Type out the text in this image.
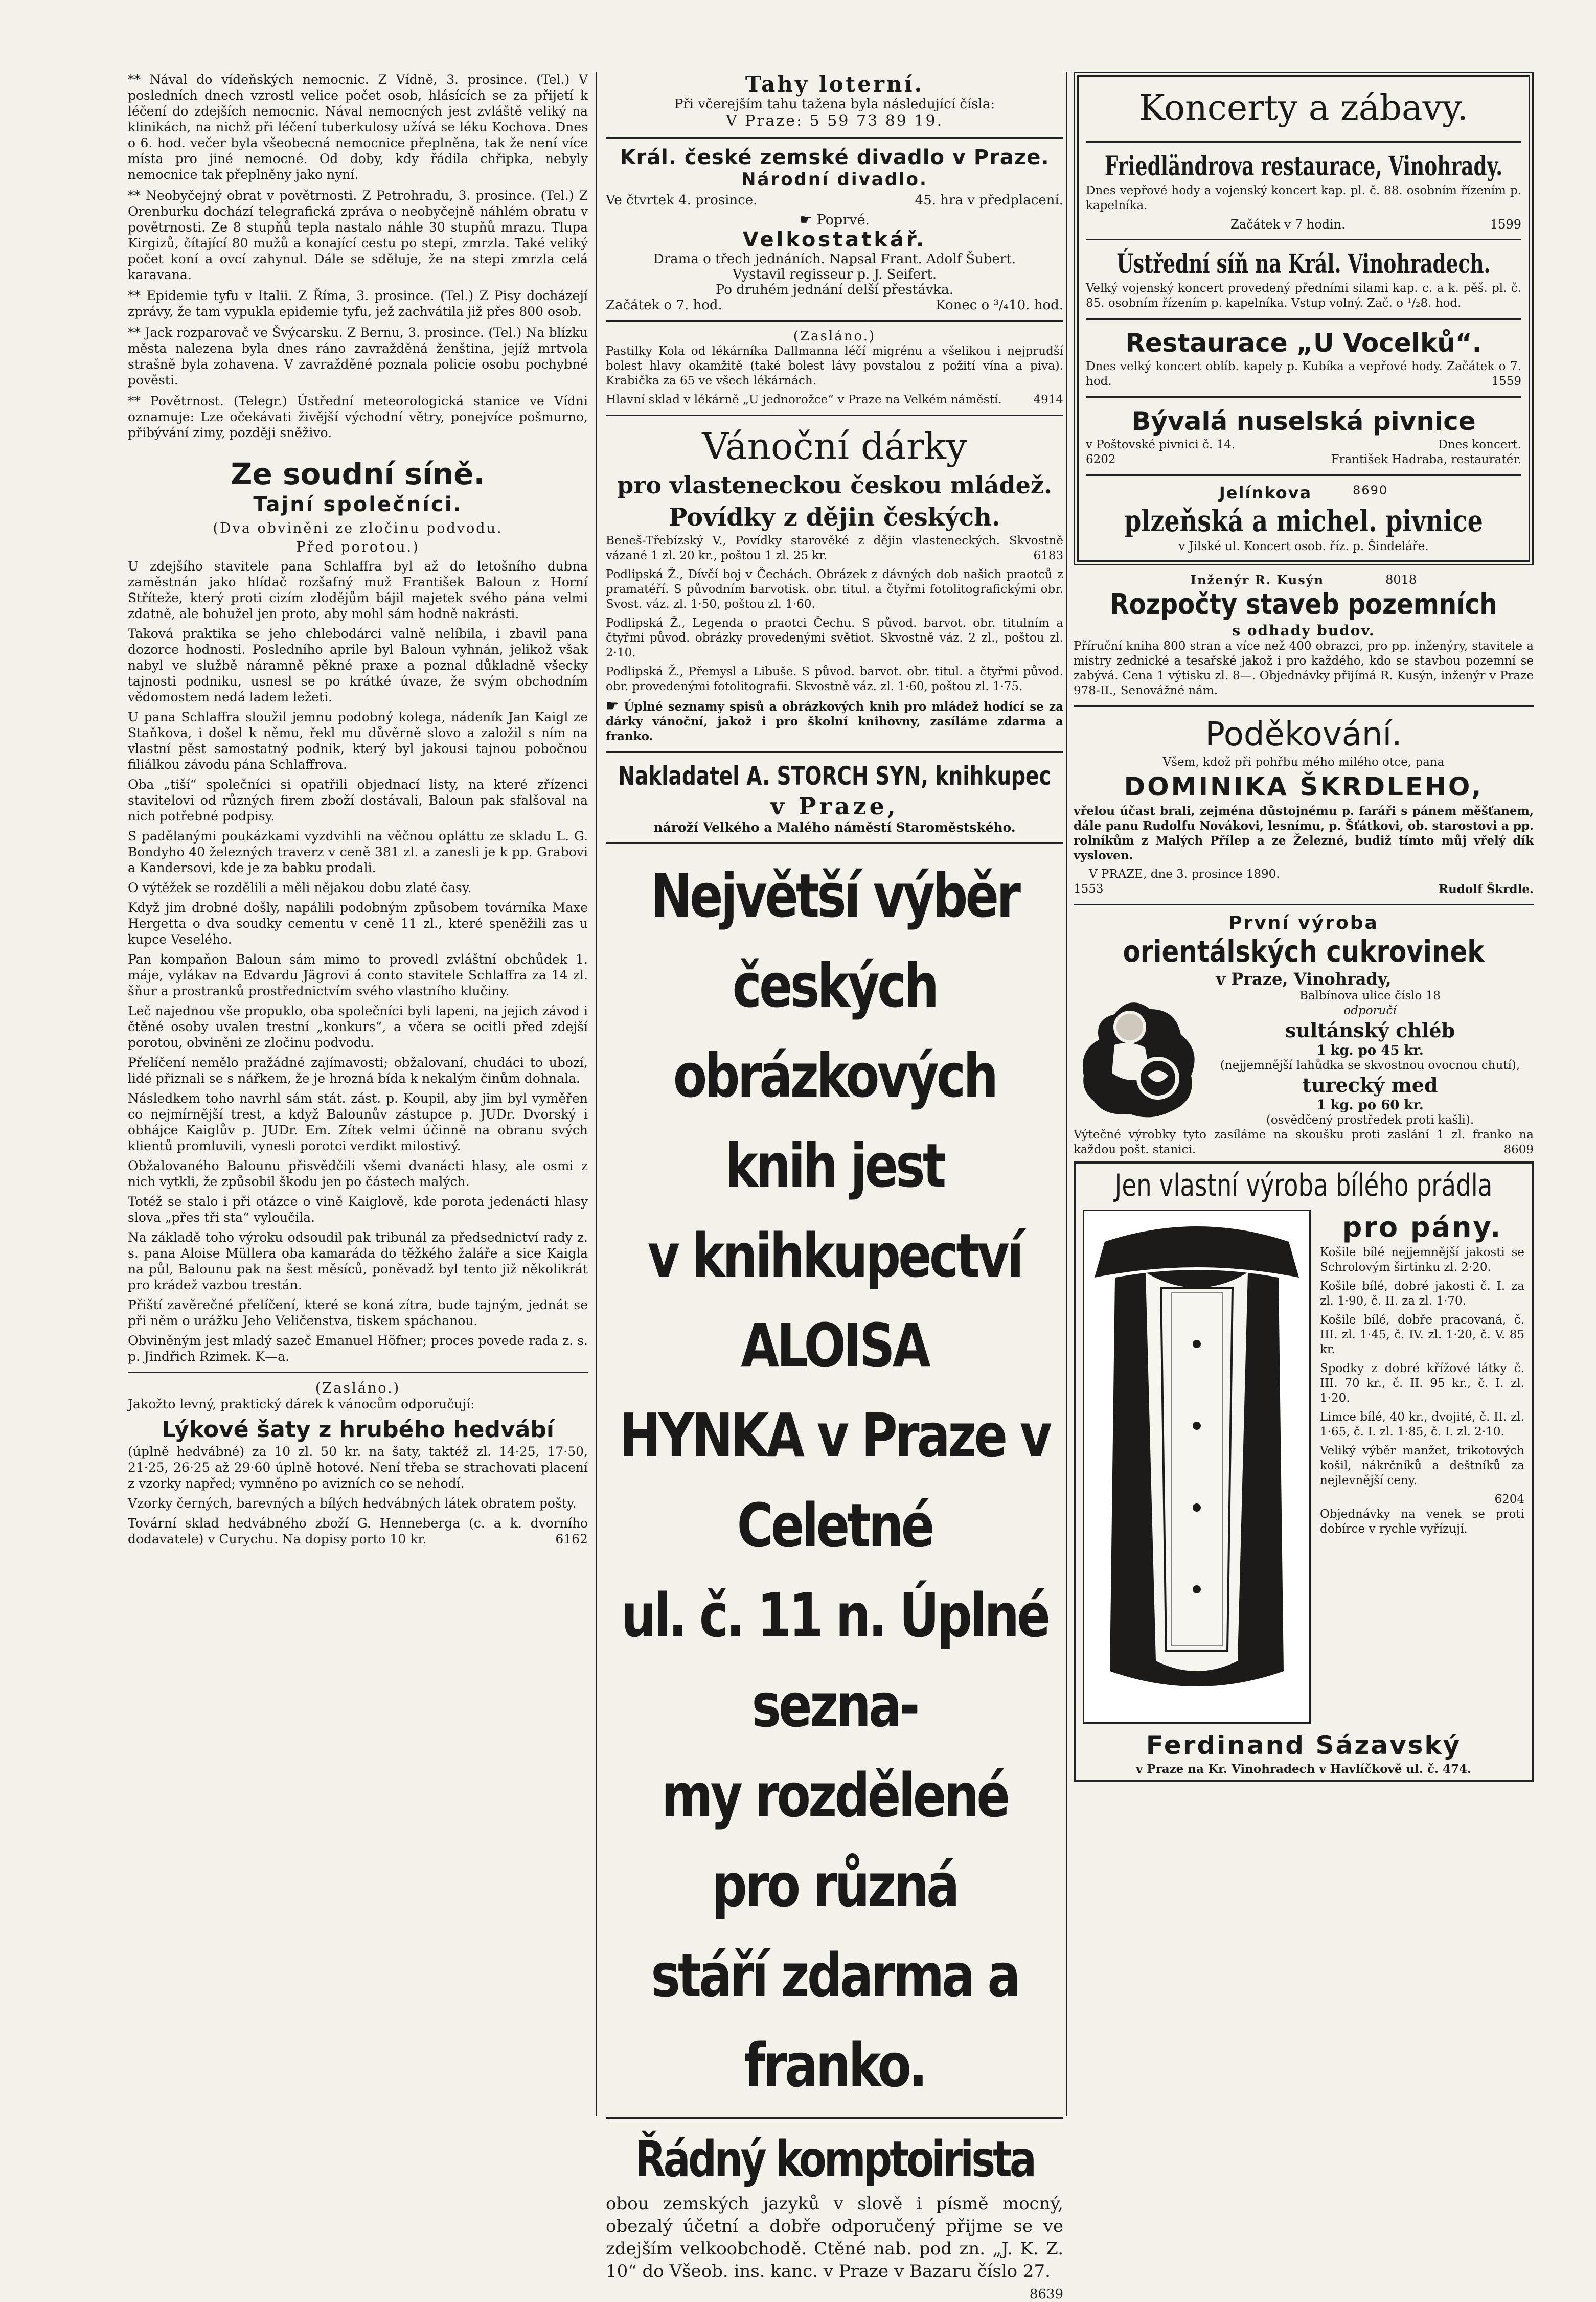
** Nával do vídeňských nemocnic. Z Vídně, 3. prosince. (Tel.) V posledních dnech vzrostl velice počet osob, hlásících se za přijetí k léčení do zdejších nemocnic. Nával nemocných jest zvláště veliký na klinikách, na nichž při léčení tuberkulosy užívá se léku Kochova. Dnes o 6. hod. večer byla všeobecná nemocnice přeplněna, tak že není více místa pro jiné nemocné. Od doby, kdy řádila chřipka, nebyly nemocnice tak přeplněny jako nyní.

** Neobyčejný obrat v povětrnosti. Z Petrohradu, 3. prosince. (Tel.) Z Orenburku dochází telegrafická zpráva o neobyčejně náhlém obratu v povětrnosti. Ze 8 stupňů tepla nastalo náhle 30 stupňů mrazu. Tlupa Kirgizů, čítající 80 mužů a konající cestu po stepi, zmrzla. Také veliký počet koní a ovcí zahynul. Dále se sděluje, že na stepi zmrzla celá karavana.

** Epidemie tyfu v Italii. Z Říma, 3. prosince. (Tel.) Z Pisy docházejí zprávy, že tam vypukla epidemie tyfu, jež zachvátila již přes 800 osob.

** Jack rozparovač ve Švýcarsku. Z Bernu, 3. prosince. (Tel.) Na blízku města nalezena byla dnes ráno zavražděná ženština, jejíž mrtvola strašně byla zohavena. V zavražděné poznala policie osobu pochybné pověsti.

** Povětrnost. (Telegr.) Ústřední meteorologická stanice ve Vídni oznamuje: Lze očekávati živější východní větry, ponejvíce pošmurno, přibývání zimy, později sněživo.

Ze soudní síně.
Tajní společníci.
(Dva obviněni ze zločinu podvodu.
Před porotou.)

U zdejšího stavitele pana Schlaffra byl až do letošního dubna zaměstnán jako hlídač rozšafný muž František Baloun z Horní Stříteže, který proti cizím zlodějům bájil majetek svého pána velmi zdatně, ale bohužel jen proto, aby mohl sám hodně nakrásti.

Taková praktika se jeho chlebodárci valně nelíbila, i zbavil pana dozorce hodnosti. Posledního aprile byl Baloun vyhnán, jelikož však nabyl ve službě náramně pěkné praxe a poznal důkladně všecky tajnosti podniku, usnesl se po krátké úvaze, že svým obchodním vědomostem nedá ladem ležeti.

U pana Schlaffra sloužil jemnu podobný kolega, nádeník Jan Kaigl ze Staňkova, i došel k němu, řekl mu důvěrně slovo a založil s ním na vlastní pěst samostatný podnik, který byl jakousi tajnou pobočnou filiálkou závodu pána Schlaffrova.

Oba „tiší“ společníci si opatřili objednací listy, na které zřízenci stavitelovi od různých firem zboží dostávali, Baloun pak sfalšoval na nich potřebné podpisy.

S padělanými poukázkami vyzdvihli na věčnou opláttu ze skladu L. G. Bondyho 40 železných traverz v ceně 381 zl. a zanesli je k pp. Grabovi a Kandersovi, kde je za babku prodali.

O výtěžek se rozdělili a měli nějakou dobu zlaté časy.

Když jim drobné došly, napálili podobným způsobem továrníka Maxe Hergetta o dva soudky cementu v ceně 11 zl., které speněžili zas u kupce Veselého.

Pan kompaňon Baloun sám mimo to provedl zvláštní obchůdek 1. máje, vylákav na Edvardu Jägrovi á conto stavitele Schlaffra za 14 zl. šňur a prostranků prostřednictvím svého vlastního klučiny.

Leč najednou vše propuklo, oba společníci byli lapeni, na jejich závod i čtěné osoby uvalen trestní „konkurs“, a včera se ocitli před zdejší porotou, obviněni ze zločinu podvodu.

Přelíčení nemělo pražádné zajímavosti; obžalovaní, chudáci to ubozí, lidé přiznali se s nářkem, že je hrozná bída k nekalým činům dohnala.

Následkem toho navrhl sám stát. zást. p. Koupil, aby jim byl vyměřen co nejmírnější trest, a když Balounův zástupce p. JUDr. Dvorský i obhájce Kaiglův p. JUDr. Em. Zítek velmi účinně na obranu svých klientů promluvili, vynesli porotci verdikt milostivý.

Obžalovaného Balounu přisvědčili všemi dvanácti hlasy, ale osmi z nich vytkli, že způsobil škodu jen po částech malých.

Totéž se stalo i při otázce o vině Kaiglově, kde porota jedenácti hlasy slova „přes tři sta“ vyloučila.

Na základě toho výroku odsoudil pak tribunál za předsednictví rady z. s. pana Aloise Müllera oba kamaráda do těžkého žaláře a sice Kaigla na půl, Balounu pak na šest měsíců, poněvadž byl tento již několikrát pro krádež vazbou trestán.

Přiští zavěrečné přelíčení, které se koná zítra, bude tajným, jednát se při něm o urážku Jeho Veličenstva, tiskem spáchanou.

Obviněným jest mladý sazeč Emanuel Höfner; proces povede rada z. s. p. Jindřich Rzimek. K—a.

(Zasláno.)

Jakožto levný, praktický dárek k vánocům odporučují:

Lýkové šaty z hrubého hedvábí

(úplně hedvábné) za 10 zl. 50 kr. na šaty, taktéž zl. 14·25, 17·50, 21·25, 26·25 až 29·60 úplně hotové. Není třeba se strachovati placení z vzorky napřed; vymněno po avizních co se nehodí.

Vzorky černých, barevných a bílých hedvábných látek obratem pošty.

Tovární sklad hedvábného zboží G. Henneberga (c. a k. dvorního dodavatele) v Curychu. Na dopisy porto 10 kr.	6162

Tahy loterní.
Při včerejším tahu tažena byla následující čísla:
V Praze: 5 59 73 89 19.
Král. české zemské divadlo v Praze.
Národní divadlo.
Ve čtvrtek 4. prosince.	45. hra v předplacení.
☛ Poprvé.
Velkostatkář.
Drama o třech jednáních. Napsal Frant. Adolf Šubert.
Vystavil regisseur p. J. Seifert.
Po druhém jednání delší přestávka.
Začátek o 7. hod.	Konec o ³/₄10. hod.
(Zasláno.)

Pastilky Kola od lékárníka Dallmanna léčí migrénu a všelikou i nejprudší bolest hlavy okamžitě (také bolest lávy povstalou z požití vína a piva). Krabička za 65 ve všech lékárnách.

Hlavní sklad v lékárně „U jednorožce“ v Praze na Velkém náměstí.	4914

Vánoční dárky
pro vlasteneckou českou mládež.
Povídky z dějin českých.

Beneš-Třebízský V., Povídky starověké z dějin vlasteneckých. Skvostně vázané 1 zl. 20 kr., poštou 1 zl. 25 kr.	6183

Podlipská Ž., Dívčí boj v Čechách. Obrázek z dávných dob našich praotců z pramatéří. S původním barvotisk. obr. titul. a čtyřmi fotolitografickými obr. Svost. váz. zl. 1·50, poštou zl. 1·60.

Podlipská Ž., Legenda o praotci Čechu. S původ. barvot. obr. titulním a čtyřmi původ. obrázky provedenými světiot. Skvostně váz. 2 zl., poštou zl. 2·10.

Podlipská Ž., Přemysl a Libuše. S původ. barvot. obr. titul. a čtyřmi původ. obr. provedenými fotolitografii. Skvostně váz. zl. 1·60, poštou zl. 1·75.

☛ Úplné seznamy spisů a obrázkových knih pro mládež hodící se za dárky vánoční, jakož i pro školní knihovny, zasíláme zdarma a franko.

Nakladatel A. STORCH SYN, knihkupec
v Praze,
nároží Velkého a Malého náměstí Staroměstského.
Největší výběr českých
obrázkových knih jest
v knihkupectví ALOISA
HYNKA v Praze v Celetné
ul. č. 11 n. Úplné sezna-
my rozdělené pro různá
stáří zdarma a franko.
Řádný komptoirista

obou zemských jazyků v slově i písmě mocný, obezalý účetní a dobře odporučený přijme se ve zdejším velkoobchodě. Ctěné nab. pod zn. „J. K. Z. 10“ do Všeob. ins. kanc. v Praze v Bazaru číslo 27.

8639
Koncerty a zábavy.
Friedländrova restaurace, Vinohrady.

Dnes vepřové hody a vojenský koncert kap. pl. č. 88. osobním řízením p. kapelníka.

Začátek v 7 hodin.	1599
Ústřední síň na Král. Vinohradech.

Velký vojenský koncert provedený předními silami kap. c. a k. pěš. pl. č. 85. osobním řízením p. kapelníka. Vstup volný. Zač. o ¹/₂8. hod.

Restaurace „U Vocelků“.

Dnes velký koncert oblíb. kapely p. Kubíka a vepřové hody. Začátek o 7. hod.	1559

Bývalá nuselská pivnice
v Poštovské pivnici č. 14.	Dnes koncert.
6202	František Hadraba, restauratér.
Jelínkova	8690
plzeňská a michel. pivnice
v Jilské ul. Koncert osob. říz. p. Šindeláře.
Inženýr R. Kusýn	8018
Rozpočty staveb pozemních
s odhady budov.

Příruční kniha 800 stran a více než 400 obrazci, pro pp. inženýry, stavitele a mistry zednické a tesařské jakož i pro každého, kdo se stavbou pozemní se zabývá. Cena 1 výtisku zl. 8—. Objednávky přijímá R. Kusýn, inženýr v Praze 978-II., Senovážné nám.

Poděkování.
Všem, kdož při pohřbu mého milého otce, pana
DOMINIKA ŠKRDLEHO,

vřelou účast brali, zejména důstojnému p. faráři s pánem měšťanem, dále panu Rudolfu Novákovi, lesnímu, p. Šťátkovi, ob. starostovi a pp. rolníkům z Malých Přílep a ze Železné, budiž tímto můj vřelý dík vysloven.

V PRAZE, dne 3. prosince 1890.
1553	Rudolf Škrdle.
První výroba
orientálských cukrovinek
v Praze, Vinohrady,
Balbínova ulice číslo 18
odporučí
sultánský chléb
1 kg. po 45 kr.
(nejjemnější lahůdka se skvostnou ovocnou chutí),
turecký med
1 kg. po 60 kr.
(osvědčený prostředek proti kašli).

Výtečné výrobky tyto zasíláme na skoušku proti zaslání 1 zl. franko na každou pošt. stanici.	8609

Jen vlastní výroba bílého prádla
pro pány.

Košile bílé nejjemnější jakosti se Schrolovým širtinku zl. 2·20.

Košile bílé, dobré jakosti č. I. za zl. 1·90, č. II. za zl. 1·70.

Košile bílé, dobře pracovaná, č. III. zl. 1·45, č. IV. zl. 1·20, č. V. 85 kr.

Spodky z dobré křížové látky č. III. 70 kr., č. II. 95 kr., č. I. zl. 1·20.

Limce bílé, 40 kr., dvojité, č. II. zl. 1·65, č. I. zl. 1·85, č. I. zl. 2·10.

Veliký výběr manžet, trikotových košil, nákrčníků a deštníků za nejlevnější ceny.

6204

Objednávky na venek se proti dobírce v rychle vyřízují.

Ferdinand Sázavský
v Praze na Kr. Vinohradech v Havlíčkově ul. č. 474.
